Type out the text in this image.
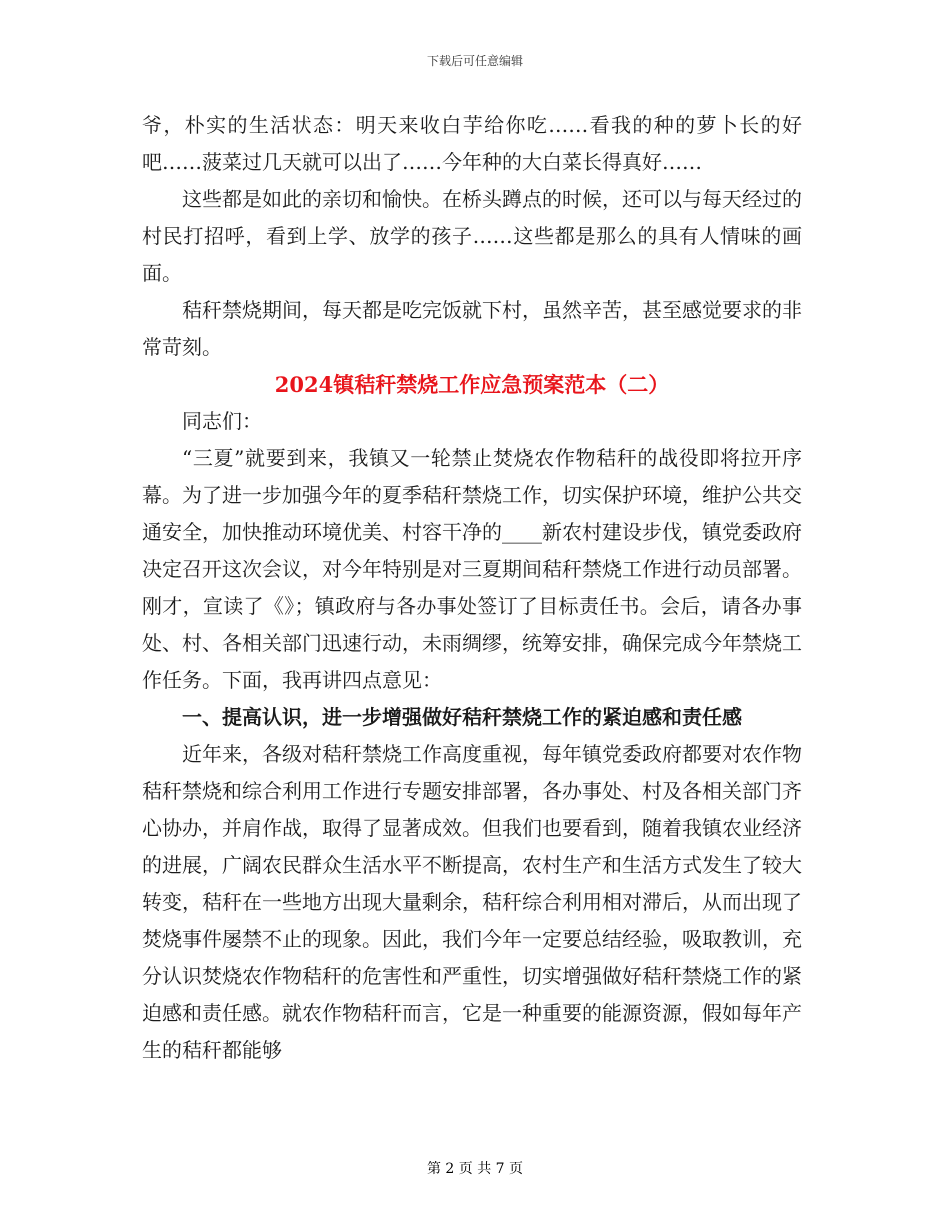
下载后可任意编辑

爷，朴实的生活状态：明天来收白芋给你吃……看我的种的萝卜长的好吧……菠菜过几天就可以出了……今年种的大白菜长得真好……

这些都是如此的亲切和愉快。在桥头蹲点的时候，还可以与每天经过的村民打招呼，看到上学、放学的孩子……这些都是那么的具有人情味的画面。

秸秆禁烧期间，每天都是吃完饭就下村，虽然辛苦，甚至感觉要求的非常苛刻。

2024镇秸秆禁烧工作应急预案范本（二）

同志们：

“三夏”就要到来，我镇又一轮禁止焚烧农作物秸秆的战役即将拉开序幕。为了进一步加强今年的夏季秸秆禁烧工作，切实保护环境，维护公共交通安全，加快推动环境优美、村容干净的____新农村建设步伐，镇党委政府决定召开这次会议，对今年特别是对三夏期间秸秆禁烧工作进行动员部署。刚才，宣读了《》；镇政府与各办事处签订了目标责任书。会后，请各办事处、村、各相关部门迅速行动，未雨绸缪，统筹安排，确保完成今年禁烧工作任务。下面，我再讲四点意见：

一、提高认识，进一步增强做好秸秆禁烧工作的紧迫感和责任感

近年来，各级对秸秆禁烧工作高度重视，每年镇党委政府都要对农作物秸秆禁烧和综合利用工作进行专题安排部署，各办事处、村及各相关部门齐心协办，并肩作战，取得了显著成效。但我们也要看到，随着我镇农业经济的进展，广阔农民群众生活水平不断提高，农村生产和生活方式发生了较大转变，秸秆在一些地方出现大量剩余，秸秆综合利用相对滞后，从而出现了焚烧事件屡禁不止的现象。因此，我们今年一定要总结经验，吸取教训，充分认识焚烧农作物秸秆的危害性和严重性，切实增强做好秸秆禁烧工作的紧迫感和责任感。就农作物秸秆而言，它是一种重要的能源资源，假如每年产生的秸秆都能够

第 2 页 共 7 页
